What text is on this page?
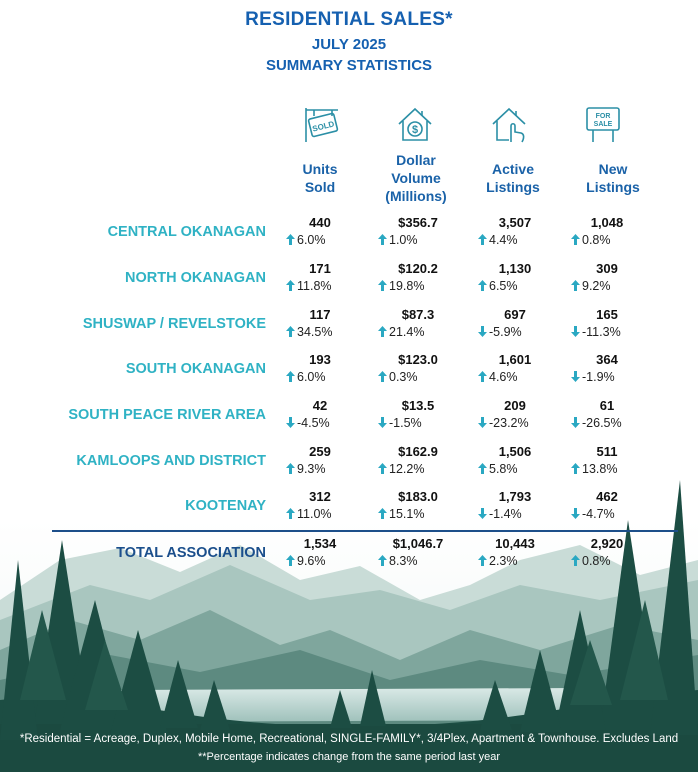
RESIDENTIAL SALES*
JULY 2025
SUMMARY STATISTICS
SOLD	$
FOR
SALE
Units
Sold
Dollar
Volume
(Millions)
Active
Listings
New
Listings
CENTRAL OKANAGAN
440
6.0%
$356.7
1.0%
3,507
4.4%
1,048
0.8%
NORTH OKANAGAN
171
11.8%
$120.2
19.8%
1,130
6.5%
309
9.2%
SHUSWAP / REVELSTOKE
117
34.5%
$87.3
21.4%
697
-5.9%
165
-11.3%
SOUTH OKANAGAN
193
6.0%
$123.0
0.3%
1,601
4.6%
364
-1.9%
SOUTH PEACE RIVER AREA
42
-4.5%
$13.5
-1.5%
209
-23.2%
61
-26.5%
KAMLOOPS AND DISTRICT
259
9.3%
$162.9
12.2%
1,506
5.8%
511
13.8%
KOOTENAY
312
11.0%
$183.0
15.1%
1,793
-1.4%
462
-4.7%
TOTAL ASSOCIATION
1,534
9.6%
$1,046.7
8.3%
10,443
2.3%
2,920
0.8%
*Residential = Acreage, Duplex, Mobile Home, Recreational, SINGLE-FAMILY*, 3/4Plex, Apartment & Townhouse. Excludes Land
**Percentage indicates change from the same period last year
